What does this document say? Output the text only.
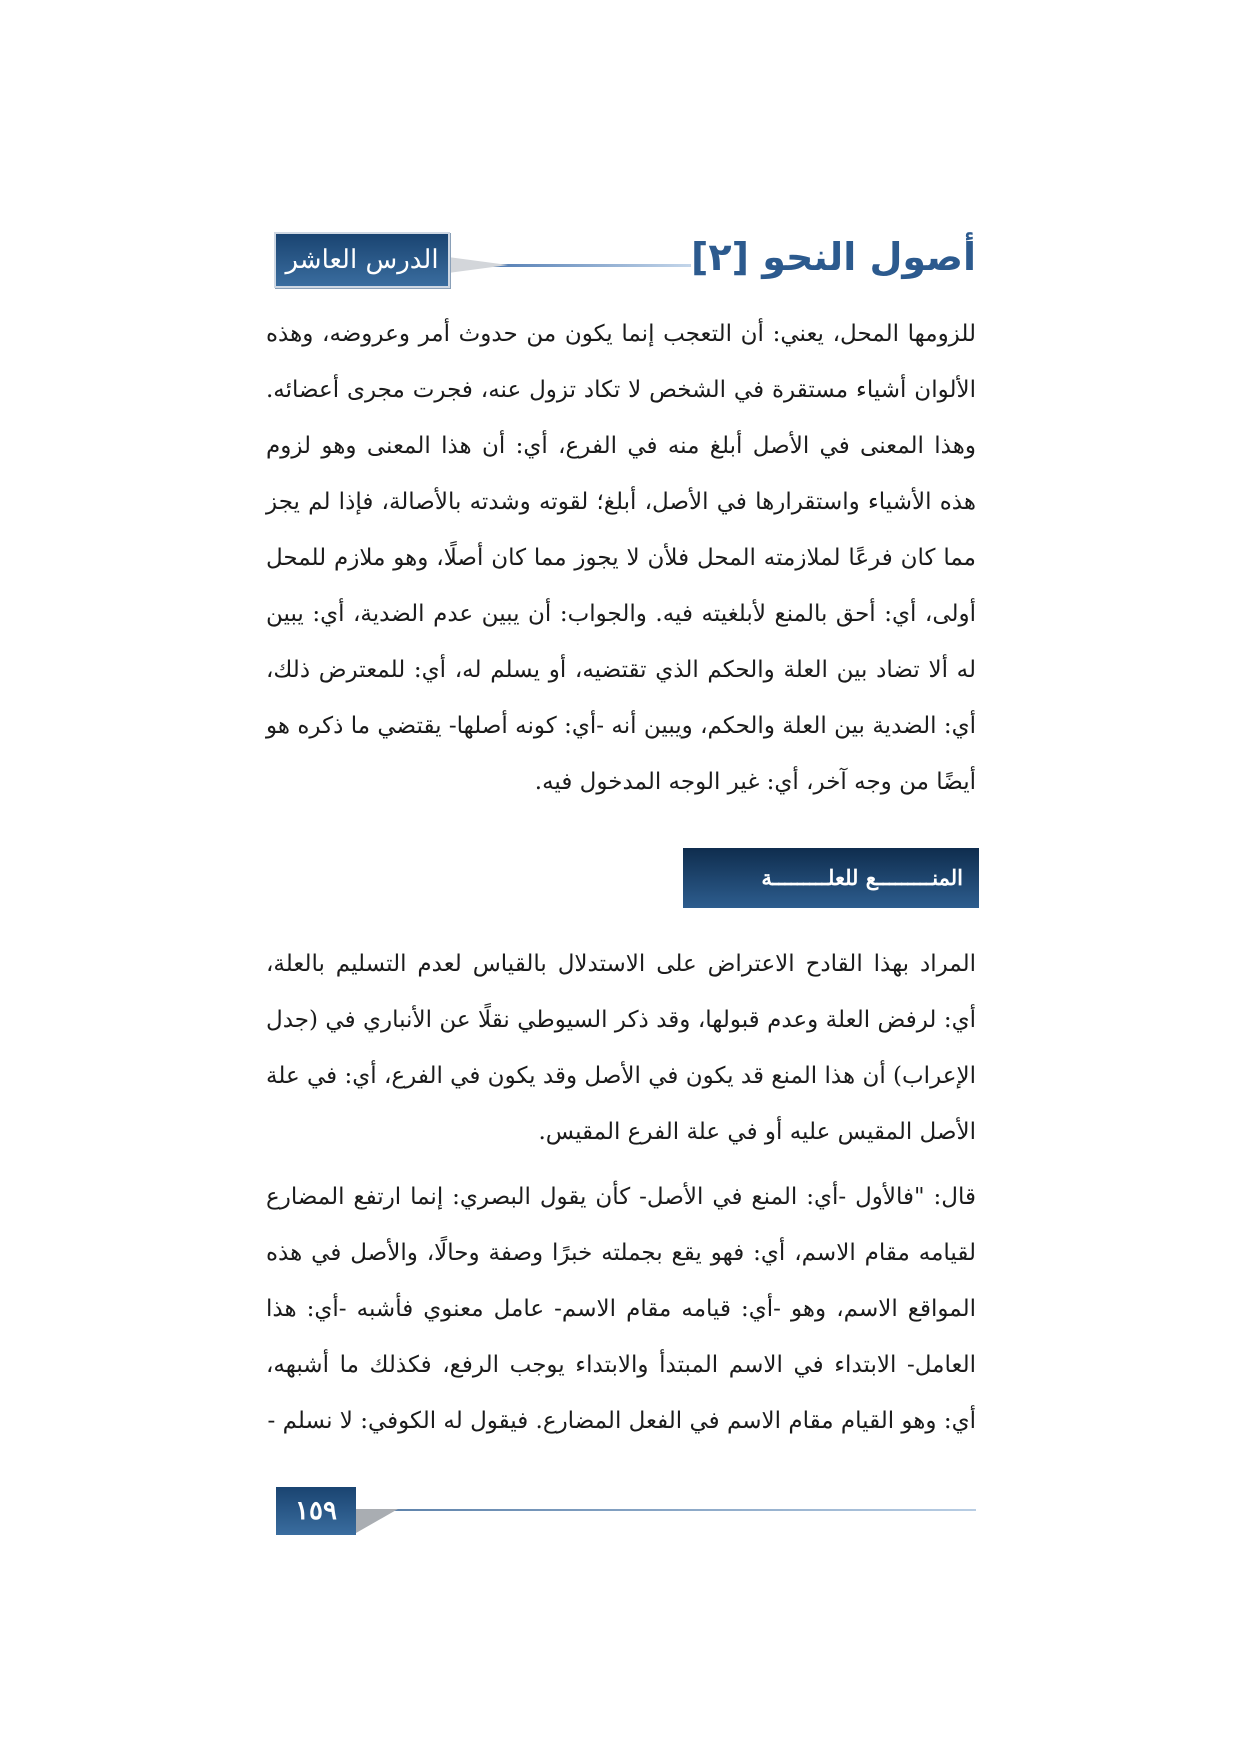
الدرس العاشر	أصول النحو [٢]

للزومها المحل، يعني: أن التعجب إنما يكون من حدوث أمر وعروضه، وهذه الألوان أشياء مستقرة في الشخص لا تكاد تزول عنه، فجرت مجرى أعضائه. وهذا المعنى في الأصل أبلغ منه في الفرع، أي: أن هذا المعنى وهو لزوم هذه الأشياء واستقرارها في الأصل، أبلغ؛ لقوته وشدته بالأصالة، فإذا لم يجز مما كان فرعًا لملازمته المحل فلأن لا يجوز مما كان أصلًا، وهو ملازم للمحل أولى، أي: أحق بالمنع لأبلغيته فيه. والجواب: أن يبين عدم الضدية، أي: يبين له ألا تضاد بين العلة والحكم الذي تقتضيه، أو يسلم له، أي: للمعترض ذلك، أي: الضدية بين العلة والحكم، ويبين أنه -أي: كونه أصلها- يقتضي ما ذكره هو أيضًا من وجه آخر، أي: غير الوجه المدخول فيه.

المنـــــــــع للعلـــــــــة

المراد بهذا القادح الاعتراض على الاستدلال بالقياس لعدم التسليم بالعلة، أي: لرفض العلة وعدم قبولها، وقد ذكر السيوطي نقلًا عن الأنباري في (جدل الإعراب) أن هذا المنع قد يكون في الأصل وقد يكون في الفرع، أي: في علة الأصل المقيس عليه أو في علة الفرع المقيس.

قال: "فالأول -أي: المنع في الأصل- كأن يقول البصري: إنما ارتفع المضارع لقيامه مقام الاسم، أي: فهو يقع بجملته خبرًا وصفة وحالًا، والأصل في هذه المواقع الاسم، وهو -أي: قيامه مقام الاسم- عامل معنوي فأشبه -أي: هذا العامل- الابتداء في الاسم المبتدأ والابتداء يوجب الرفع، فكذلك ما أشبهه، أي: وهو القيام مقام الاسم في الفعل المضارع. فيقول له الكوفي: لا نسلم -

١٥٩
